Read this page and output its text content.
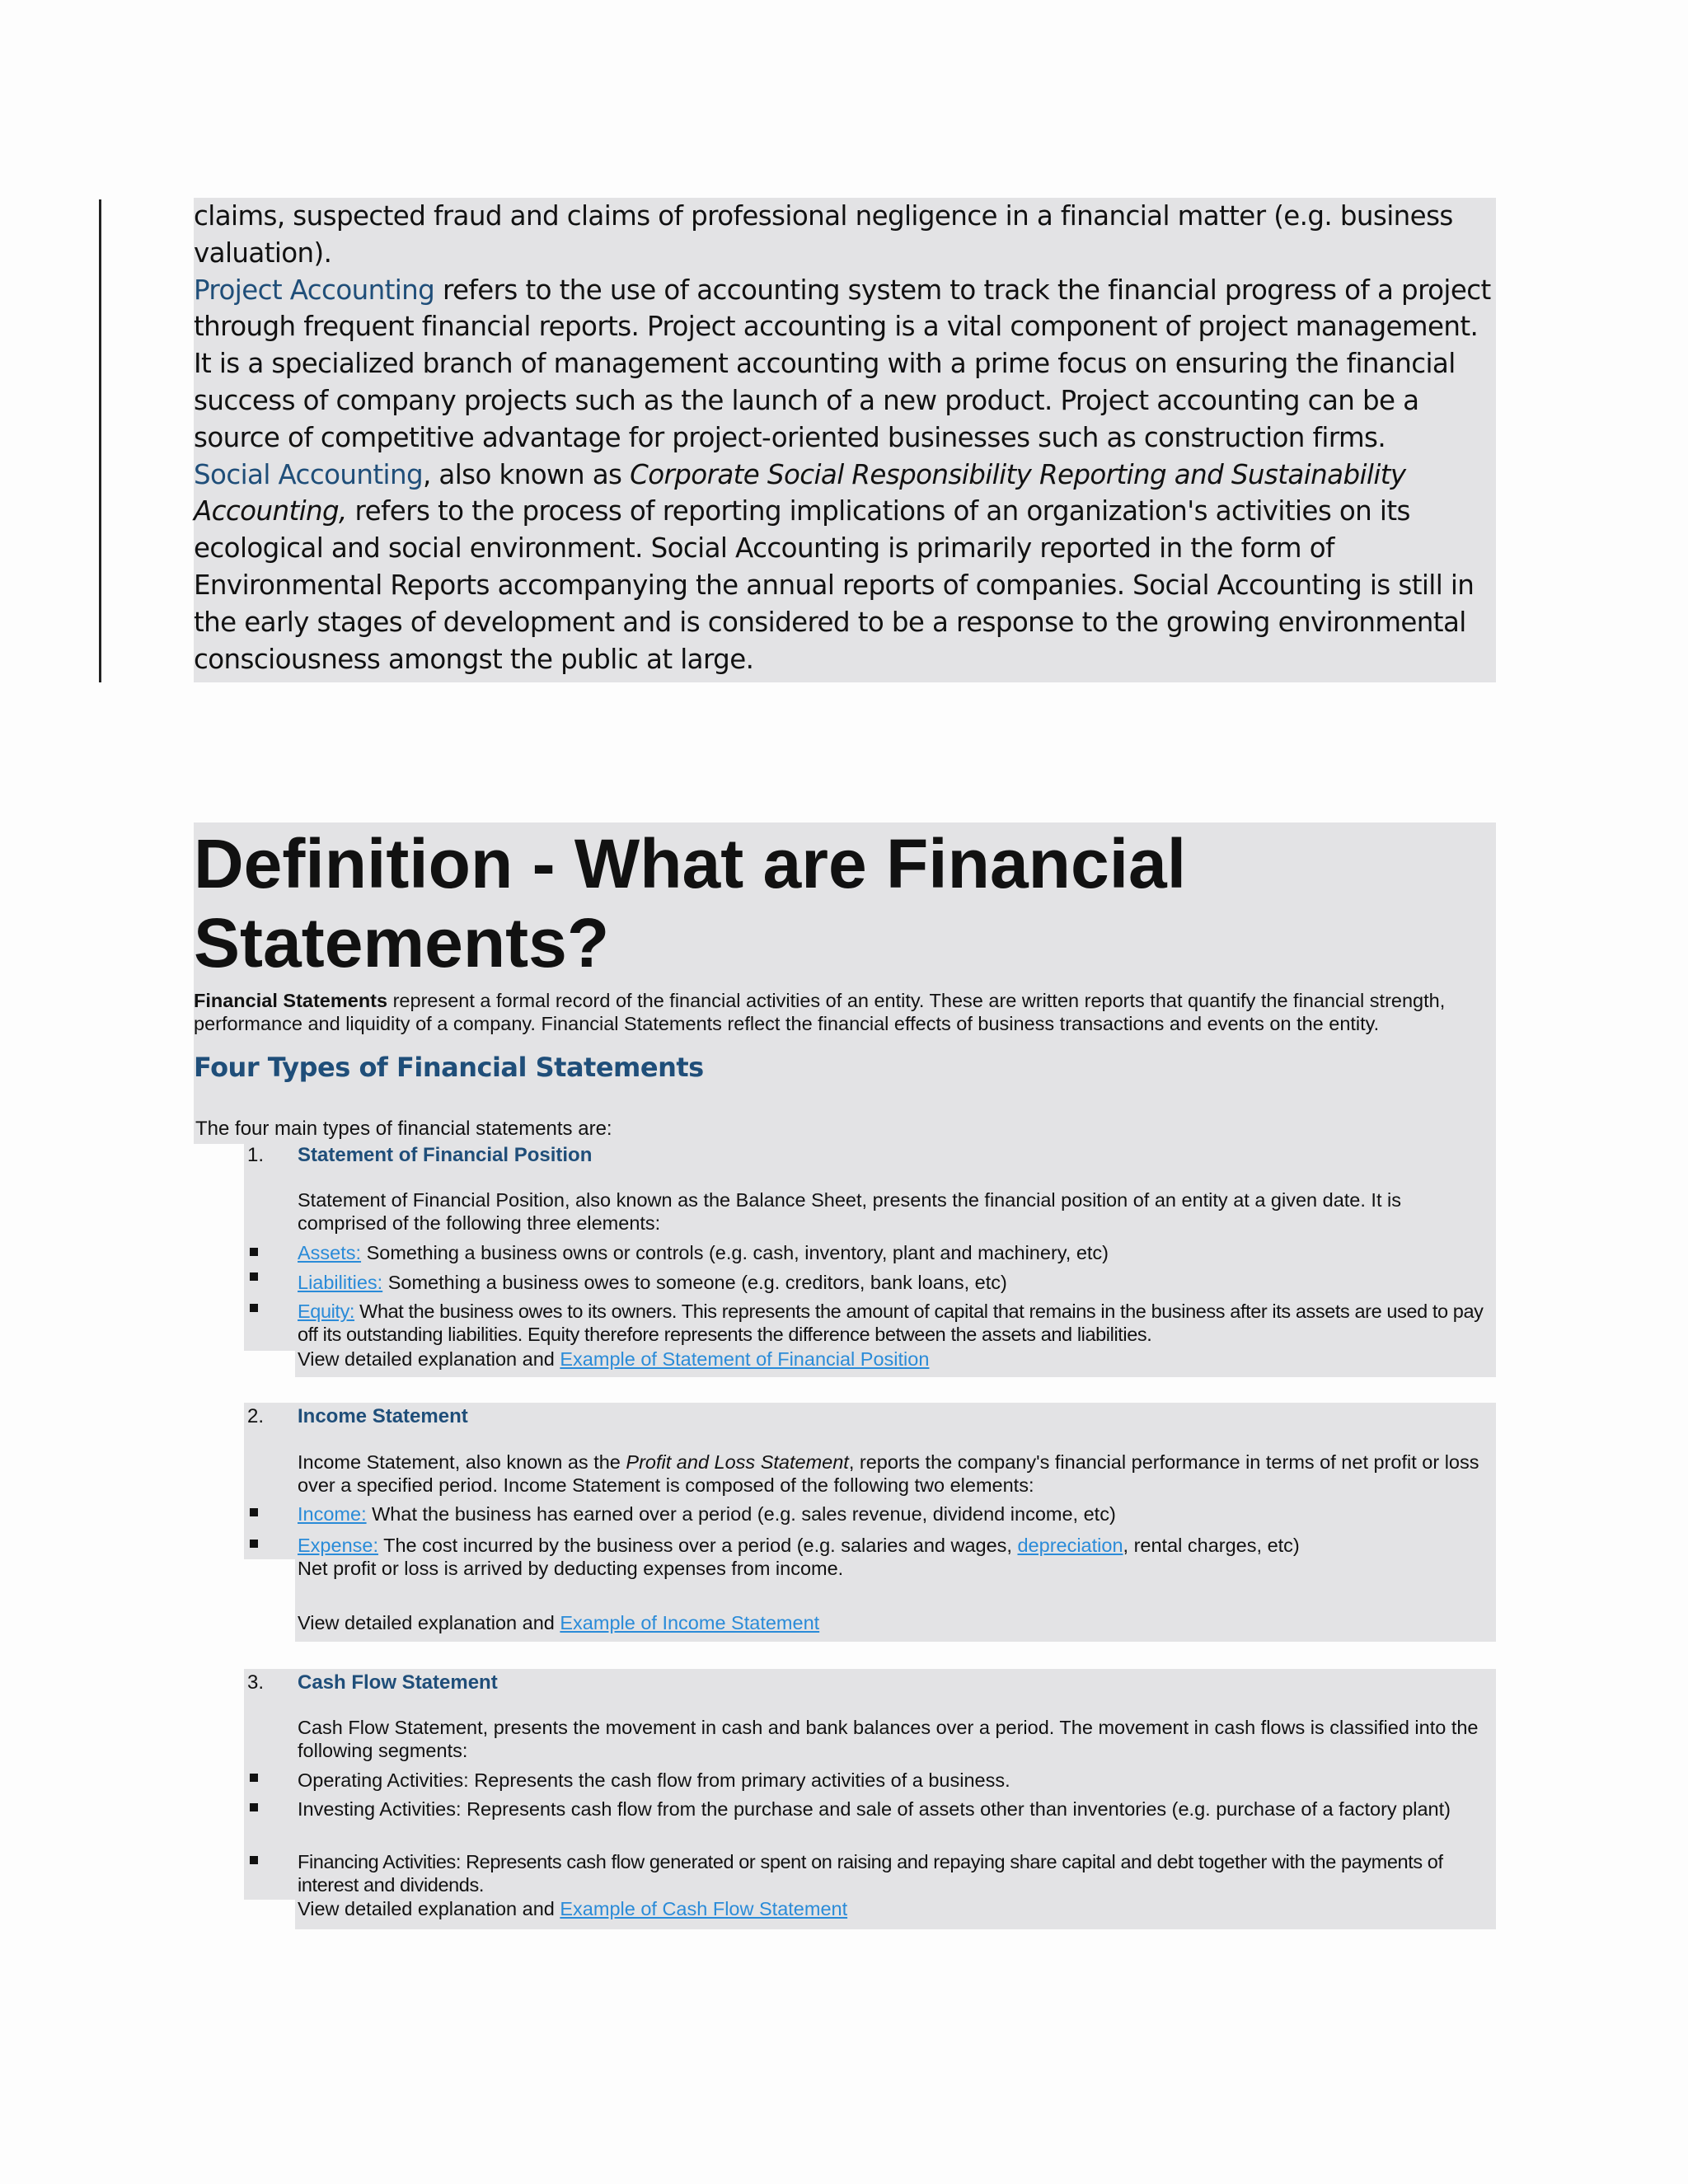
claims, suspected fraud and claims of professional negligence in a financial matter (e.g. business valuation).

Project Accounting refers to the use of accounting system to track the financial progress of a project through frequent financial reports. Project accounting is a vital component of project management. It is a specialized branch of management accounting with a prime focus on ensuring the financial success of company projects such as the launch of a new product. Project accounting can be a source of competitive advantage for project-oriented businesses such as construction firms.

Social Accounting, also known as Corporate Social Responsibility Reporting and Sustainability Accounting, refers to the process of reporting implications of an organization's activities on its ecological and social environment. Social Accounting is primarily reported in the form of Environmental Reports accompanying the annual reports of companies. Social Accounting is still in the early stages of development and is considered to be a response to the growing environmental consciousness amongst the public at large.

Definition - What are Financial Statements?

Financial Statements represent a formal record of the financial activities of an entity. These are written reports that quantify the financial strength, performance and liquidity of a company. Financial Statements reflect the financial effects of business transactions and events on the entity.

Four Types of Financial Statements
The four main types of financial statements are:
1. Statement of Financial Position
Statement of Financial Position, also known as the Balance Sheet, presents the financial position of an entity at a given date. It is comprised of the following three elements:
Assets: Something a business owns or controls (e.g. cash, inventory, plant and machinery, etc)
Liabilities: Something a business owes to someone (e.g. creditors, bank loans, etc)
Equity: What the business owes to its owners. This represents the amount of capital that remains in the business after its assets are used to pay off its outstanding liabilities. Equity therefore represents the difference between the assets and liabilities.
View detailed explanation and Example of Statement of Financial Position
2. Income Statement
Income Statement, also known as the Profit and Loss Statement, reports the company's financial performance in terms of net profit or loss over a specified period. Income Statement is composed of the following two elements:
Income: What the business has earned over a period (e.g. sales revenue, dividend income, etc)
Expense: The cost incurred by the business over a period (e.g. salaries and wages, depreciation, rental charges, etc)
Net profit or loss is arrived by deducting expenses from income.
View detailed explanation and Example of Income Statement
3. Cash Flow Statement
Cash Flow Statement, presents the movement in cash and bank balances over a period. The movement in cash flows is classified into the following segments:
Operating Activities: Represents the cash flow from primary activities of a business.
Investing Activities: Represents cash flow from the purchase and sale of assets other than inventories (e.g. purchase of a factory plant)
Financing Activities: Represents cash flow generated or spent on raising and repaying share capital and debt together with the payments of interest and dividends.
View detailed explanation and Example of Cash Flow Statement
